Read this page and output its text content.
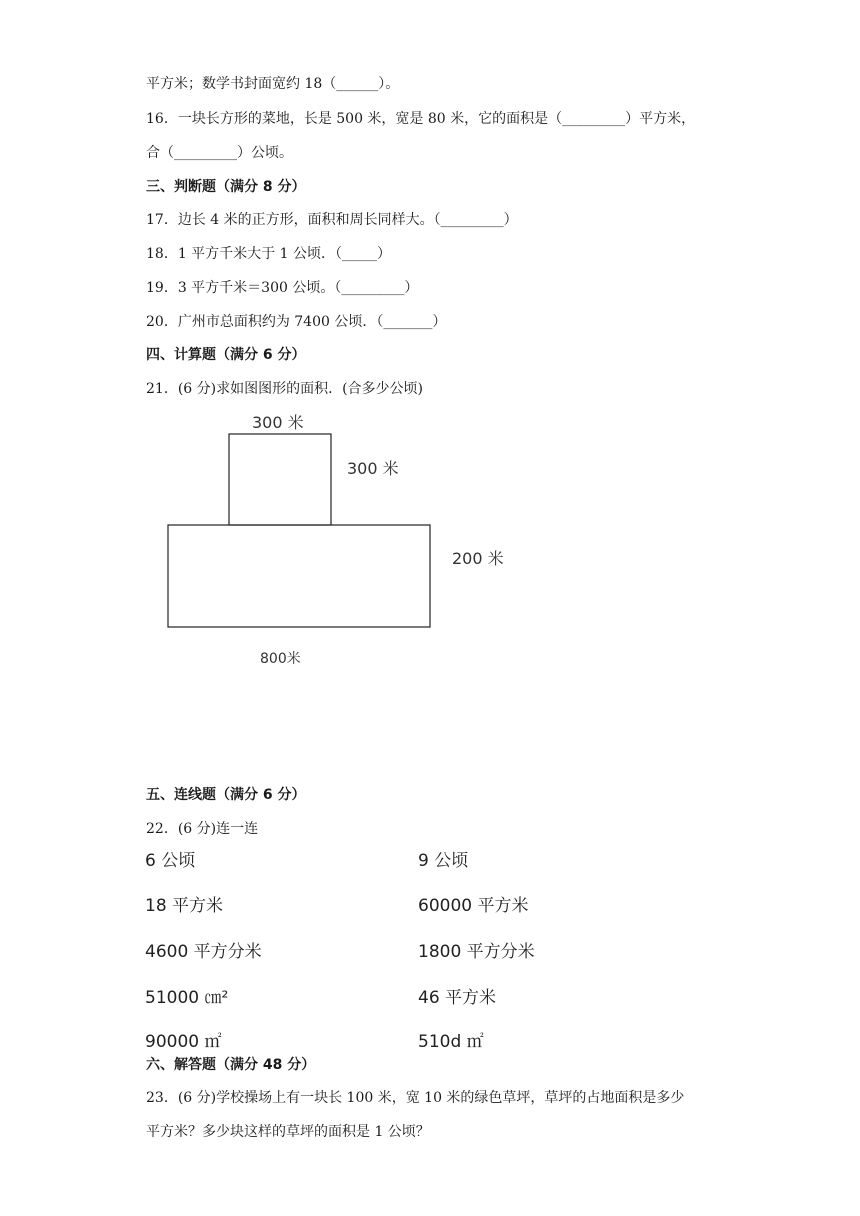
平方米；数学书封面宽约 18（______）。
16．一块长方形的菜地，长是 500 米，宽是 80 米，它的面积是（_________）平方米，
合（_________）公顷。
三、判断题（满分 8 分）
17．边长 4 米的正方形，面积和周长同样大。（_________）
18．1 平方千米大于 1 公顷．（_____）
19．3 平方千米＝300 公顷。（_________）
20．广州市总面积约为 7400 公顷．（_______）
四、计算题（满分 6 分）
21．(6 分)求如图图形的面积．(合多少公顷)
300 米
300 米
200 米
800米
五、连线题（满分 6 分）
22．(6 分)连一连
6 公顷
18 平方米
4600 平方分米
51000 ㎝²
90000 ㎡
9 公顷
60000 平方米
1800 平方分米
46 平方米
510d ㎡
六、解答题（满分 48 分）
23．(6 分)学校操场上有一块长 100 米，宽 10 米的绿色草坪，草坪的占地面积是多少
平方米？多少块这样的草坪的面积是 1 公顷？
